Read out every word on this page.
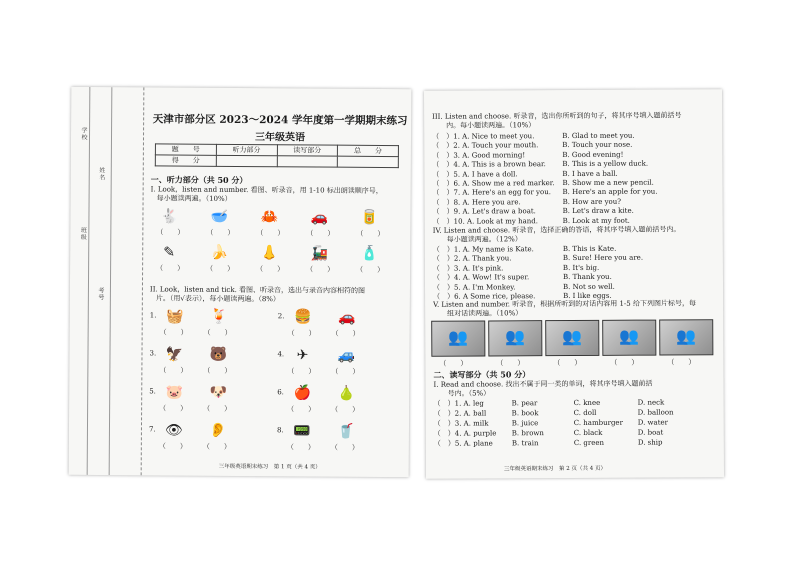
学校
班级
姓名
考号
天津市部分区 2023～2024 学年度第一学期期末练习
三年级英语
题　　号	听力部分	读写部分	总　　分
得　　分			
一、听力部分（共 50 分）
I. Look，listen and number. 看图、听录音，用 1-10 标出朗读顺序号，
每小题读两遍。（10%）
🐇
（　　）
🥣
（　　）
🦀
（　　）
🚗
（　　）
🥫
（　　）
✎
（　　）
🍌
（　　）
👃
（　　）
🚂
（　　）
🧴
（　　）
II. Look，listen and tick. 看图、听录音，选出与录音内容相符的图
片。（用√表示），每小题读两遍。（8%）
1. 🧺	🍹
（　　） （　　）
2. 🍔	🚗
（　　） （　　）
3. 🦅	🐻
（　　） （　　）
4. ✈	🚙
（　　） （　　）
5. 🐷	🐶
（　　） （　　）
6. 🍎	🍐
（　　） （　　）
7. 👁	👂
（　　） （　　）
8. 📟	🥤
（　　） （　　）
三年级英语期末练习　第 1 页（共 4 页）
III. Listen and choose. 听录音，选出你所听到的句子，将其序号填入题前括号
内。每小题读两遍。（10%）
（　）1. A. Nice to meet you.	B. Glad to meet you.
（　）2. A. Touch your mouth.	B. Touch your nose.
（　）3. A. Good morning!	B. Good evening!
（　）4. A. This is a brown bear. B. This is a yellow duck.
（　）5. A. I have a doll.	B. I have a ball.
（　）6. A. Show me a red marker. B. Show me a new pencil.
（　）7. A. Here's an egg for you. B. Here's an apple for you.
（　）8. A. Here you are.	B. How are you?
（　）9. A. Let's draw a boat.	B. Let's draw a kite.
（　）10. A. Look at my hand.	B. Look at my foot.
IV. Listen and choose. 听录音，选择正确的答语，将其序号填入题前括号内。
每小题读两遍。（12%）
（　）1. A. My name is Kate.	B. This is Kate.
（　）2. A. Thank you.	B. Sure! Here you are.
（　）3. A. It's pink.	B. It's big.
（　）4. A. Wow! It's super.	B. Thank you.
（　）5. A. I'm Monkey.	B. Not so well.
（　）6. A Some rice, please.	B. I like eggs.
V. Listen and number. 听录音，根据所听到的对话内容用 1-5 给下列图片标号，每
组对话读两遍。（10%）
👥
（　　）
👥
（　　）
👥
（　　）
👥
（　　）
👥
（　　）
二、读写部分（共 50 分）
I. Read and choose. 找出不属于同一类的单词，将其序号填入题前括
号内。（5%）
（　）1. A. leg	B. pear	C. knee	D. neck
（　）2. A. ball	B. book	C. doll	D. balloon
（　）3. A. milk	B. juice	C. hamburger D. water
（　）4. A. purple B. brown	C. black	D. boat
（　）5. A. plane	B. train	C. green	D. ship
三年级英语期末练习　第 2 页（共 4 页）
